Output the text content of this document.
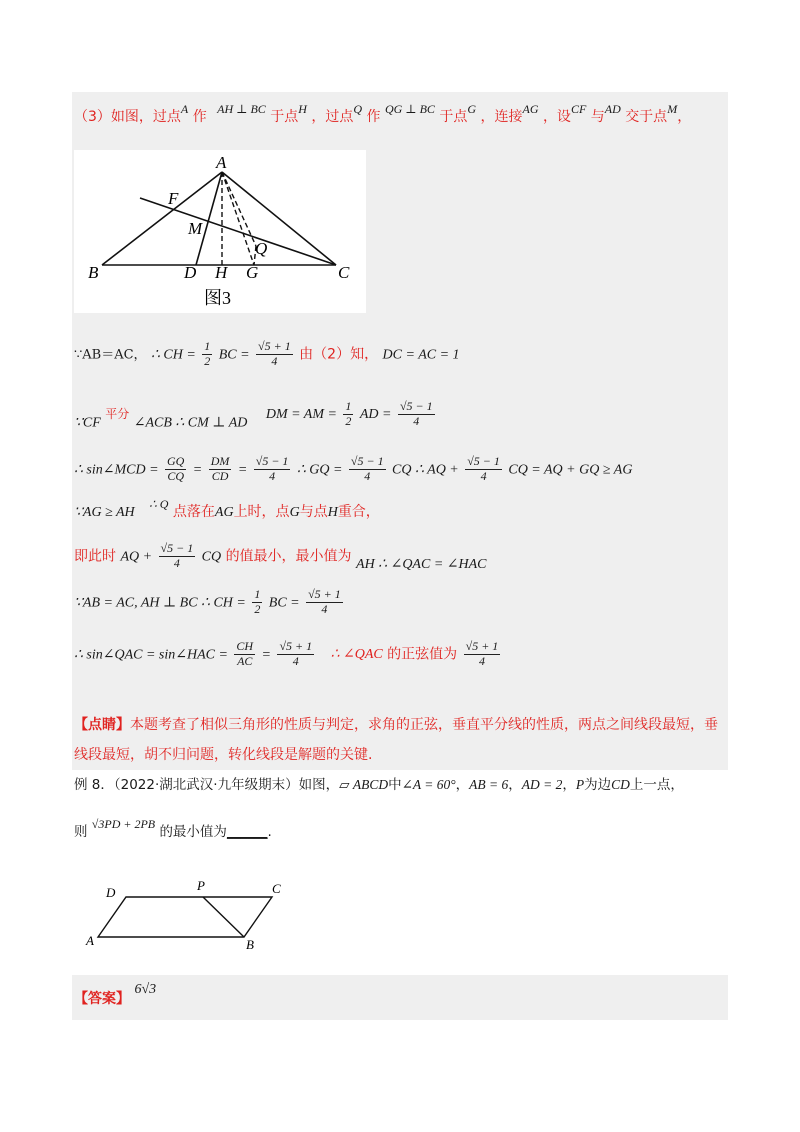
（3）如图，过点A 作 AH ⊥ BC 于点H ，过点Q 作 QG ⊥ BC 于点G ，连接AG ，设CF 与AD 交于点M，
A
B	C
D H G
F
M
Q
图3
∵AB＝AC， ∴ CH = $\frac{1}{2}$ BC = $\frac{√5 + 1}{4}$ 由（2）知， DC = AC = 1
∵CF 平分 ∠ACB ∴ CM ⊥ AD DM = AM = $\frac{1}{2}$ AD = $\frac{√5 - 1}{4}$
∴ sin∠MCD = $\frac{GQ}{CQ} = \frac{DM}{CD} = \frac{√5 - 1}{4}$ ∴ GQ = $\frac{√5 - 1}{4}$ CQ ∴ AQ + $\frac{√5 - 1}{4}$ CQ = AQ + GQ ≥ AG
∵AG ≥ AH ∴ Q 点落在AG上时，点G与点H重合，
即此时 AQ + $\frac{√5 - 1}{4}$ CQ 的值最小，最小值为 AH ∴ ∠QAC = ∠HAC
∵AB = AC, AH ⊥ BC ∴ CH = $\frac{1}{2}$ BC = $\frac{√5 + 1}{4}$
∴ sin∠QAC = sin∠HAC = $\frac{CH}{AC} = \frac{√5 + 1}{4}$ ∴ ∠QAC 的正弦值为 $\frac{√5 + 1}{4}$
【点睛】本题考查了相似三角形的性质与判定，求角的正弦，垂直平分线的性质，两点之间线段最短，垂
线段最短，胡不归问题，转化线段是解题的关键.
例 8．（2022·湖北武汉·九年级期末）如图，▱ ABCD中∠A = 60°，AB = 6，AD = 2，P为边CD上一点，
则 √3PD + 2PB 的最小值为______.
A	B
C
D	P
【答案】 6√3
